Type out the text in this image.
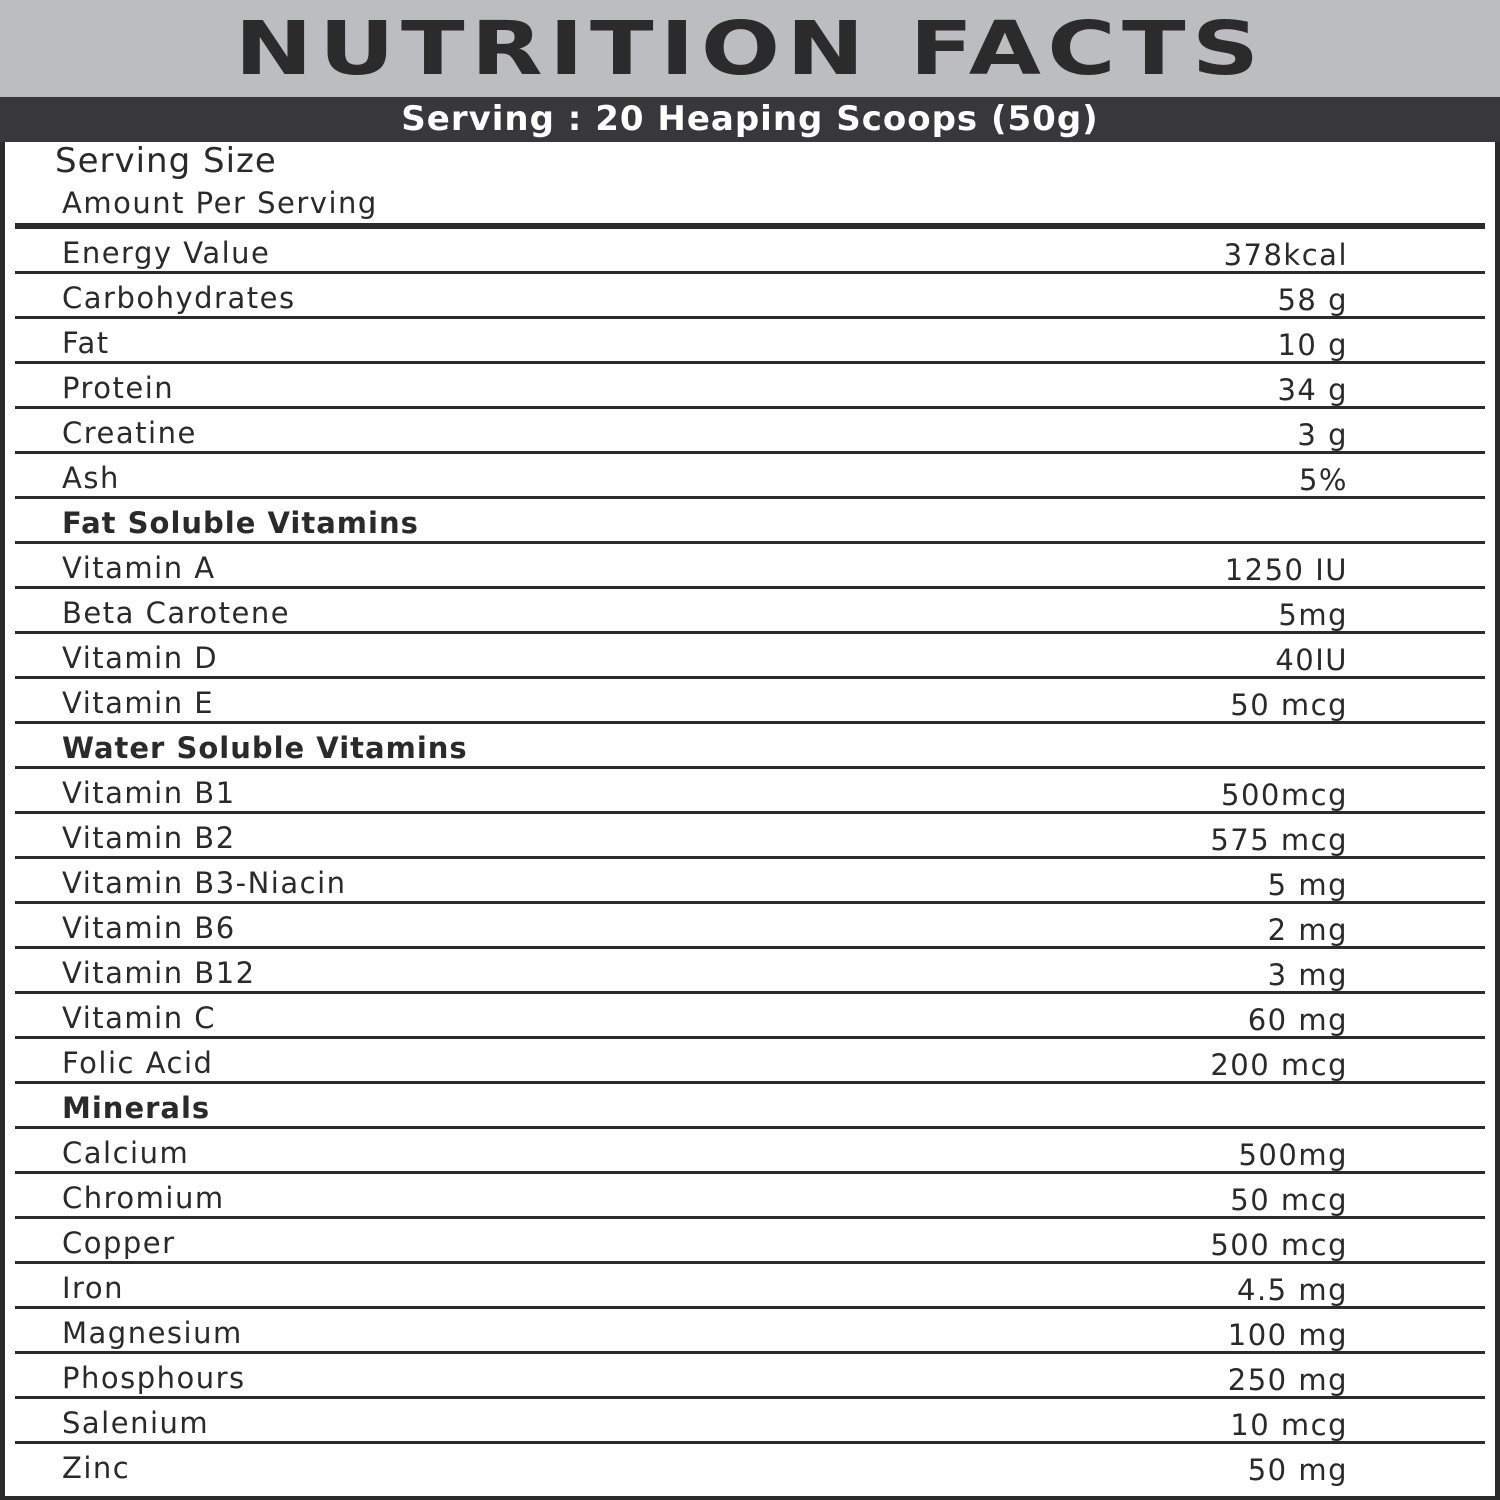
NUTRITION FACTS
Serving : 20 Heaping Scoops (50g)
Serving Size
Amount Per Serving
Energy Value	378kcal
Carbohydrates	58 g
Fat	10 g
Protein	34 g
Creatine	3 g
Ash	5%
Fat Soluble Vitamins
Vitamin A	1250 IU
Beta Carotene	5mg
Vitamin D	40IU
Vitamin E	50 mcg
Water Soluble Vitamins
Vitamin B1	500mcg
Vitamin B2	575 mcg
Vitamin B3-Niacin	5 mg
Vitamin B6	2 mg
Vitamin B12	3 mg
Vitamin C	60 mg
Folic Acid	200 mcg
Minerals
Calcium	500mg
Chromium	50 mcg
Copper	500 mcg
Iron	4.5 mg
Magnesium	100 mg
Phosphours	250 mg
Salenium	10 mcg
Zinc	50 mg
